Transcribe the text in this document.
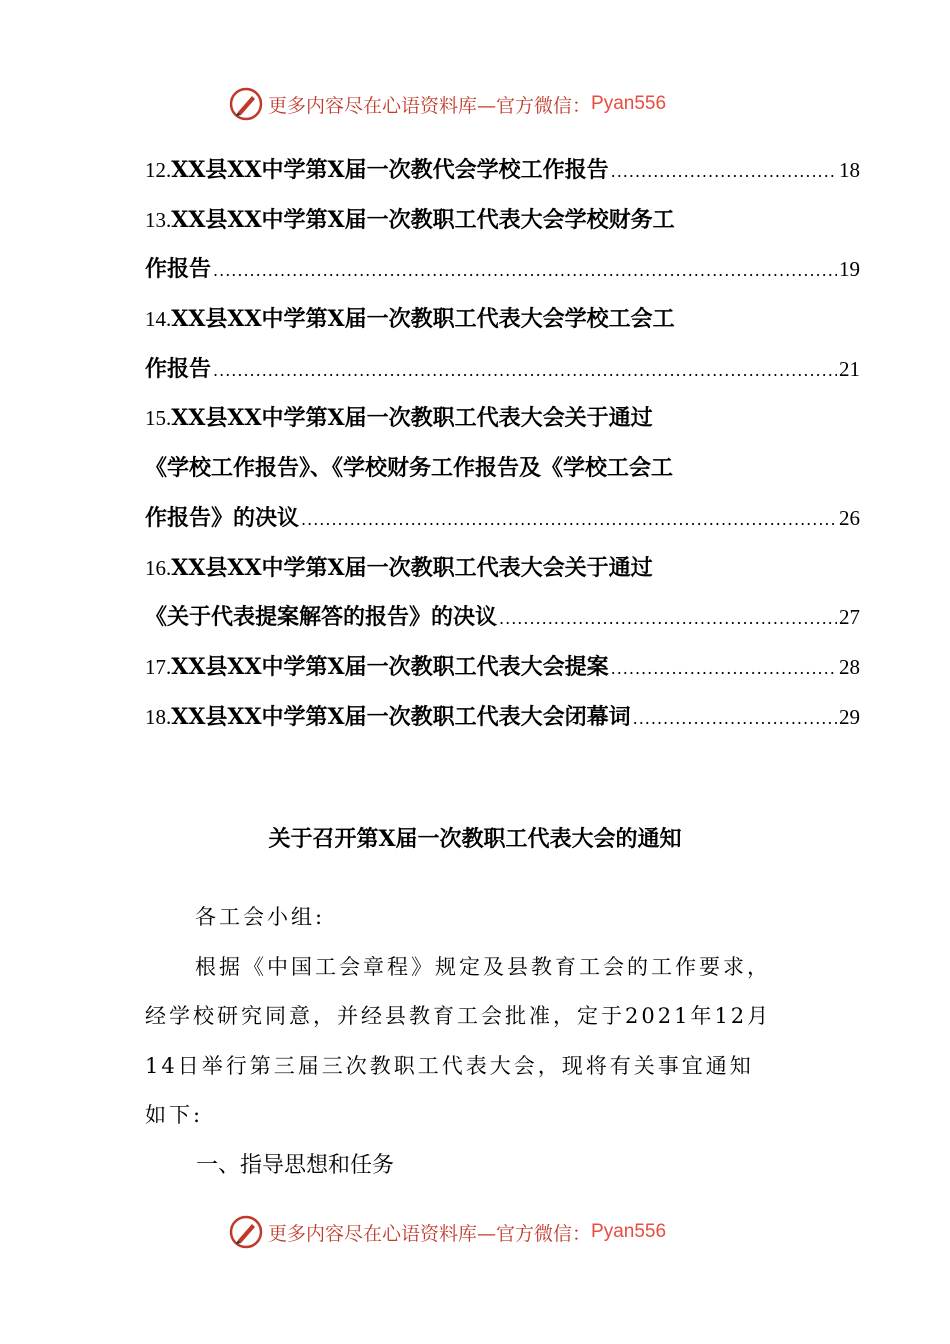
更多内容尽在心语资料库 —官方微信： Pyan556
12. XX县XX中学第X届一次教代会学校工作报告 .....	18
13. XX县XX中学第X届一次教职工代表大会学校财务工
作报告 .....	19
14. XX县XX中学第X届一次教职工代表大会学校工会工
作报告 .....	21
15. XX县XX中学第X届一次教职工代表大会关于通过
《学校工作报告》、《学校财务工作报告及《学校工会工
作报告》的决议 .....	26
16. XX县XX中学第X届一次教职工代表大会关于通过
《关于代表提案解答的报告》的决议 .....	27
17. XX县XX中学第X届一次教职工代表大会提案 .....	28
18. XX县XX中学第X届一次教职工代表大会闭幕词 .....	29
关于召开第X届一次教职工代表大会的通知

各工会小组:

根据《中国工会章程》规定及县教育工会的工作要求，

经学校研究同意，并经县教育工会批准，定于2021年12月

14日举行第三届三次教职工代表大会，现将有关事宜通知

如下:

一、指导思想和任务
更多内容尽在心语资料库 —官方微信： Pyan556
